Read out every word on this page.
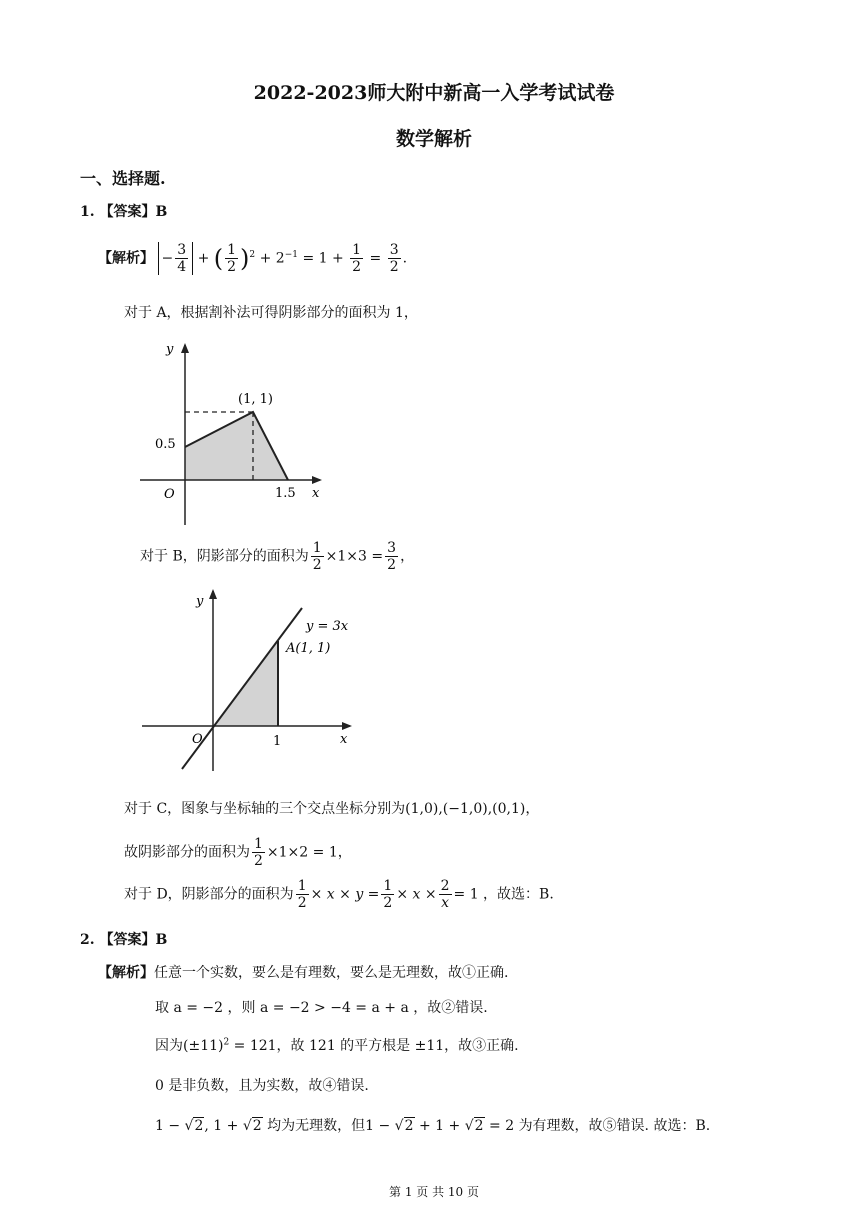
2022-2023师大附中新高一入学考试试卷
数学解析
一、选择题.
1. 【答案】B
【解析】 − $\frac{3}{4}$ + ( $\frac{1}{2} )^2 + 2^{-1} = 1 + \frac{1}{2} = \frac{3}{2}$ .
对于 A，根据割补法可得阴影部分的面积为 1，
y
x
O
(1, 1)
0.5
1.5
对于 B，阴影部分的面积为 $\frac{1}{2} \times 1\times 3 = \frac{3}{2}$ ，
y
x
O
y = 3x
A(1, 1)
1
对于 C，图象与坐标轴的三个交点坐标分别为(1,0),(−1,0),(0,1)，
故阴影部分的面积为 $\frac{1}{2} \times 1\times 2 = 1$，
对于 D，阴影部分的面积为 $\frac{1}{2} \times x \times y = \frac{1}{2} \times x \times \frac{2}{x} = 1$ ，故选：B.
2. 【答案】B
【解析】任意一个实数，要么是有理数，要么是无理数，故①正确.
取 a = −2 ，则 a = −2 > −4 = a + a ，故②错误.
因为$(\pm 11)^2 = 121$，故 121 的平方根是 ±11，故③正确.
0 是非负数，且为实数，故④错误.
1 − √2, 1 + √2 均为无理数，但1 − √2 + 1 + √2 = 2 为有理数，故⑤错误. 故选：B.
第 1 页 共 10 页
